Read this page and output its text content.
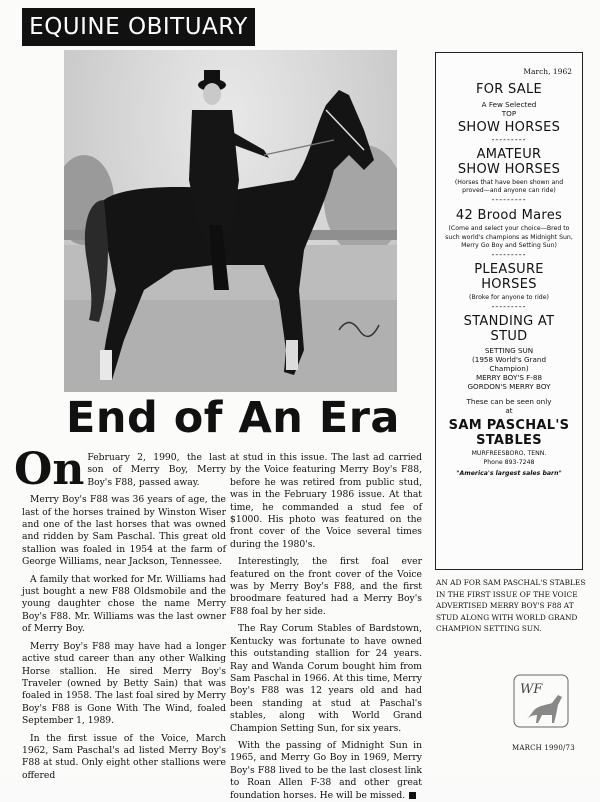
EQUINE OBITUARY
End of An Era

On February 2, 1990, the last son of Merry Boy, Merry Boy's F88, passed away.

Merry Boy's F88 was 36 years of age, the last of the horses trained by Winston Wiser and one of the last horses that was owned and ridden by Sam Paschal. This great old stallion was foaled in 1954 at the farm of George Williams, near Jackson, Tennessee.

A family that worked for Mr. Williams had just bought a new F88 Oldsmobile and the young daughter chose the name Merry Boy's F88. Mr. Williams was the last owner of Merry Boy.

Merry Boy's F88 may have had a longer active stud career than any other Walking Horse stallion. He sired Merry Boy's Traveler (owned by Betty Sain) that was foaled in 1958. The last foal sired by Merry Boy's F88 is Gone With The Wind, foaled September 1, 1989.

In the first issue of the Voice, March 1962, Sam Paschal's ad listed Merry Boy's F88 at stud. Only eight other stallions were offered

at stud in this issue. The last ad carried by the Voice featuring Merry Boy's F88, before he was retired from public stud, was in the February 1986 issue. At that time, he commanded a stud fee of $1000. His photo was featured on the front cover of the Voice several times during the 1980's.

Interestingly, the first foal ever featured on the front cover of the Voice was by Merry Boy's F88, and the first broodmare featured had a Merry Boy's F88 foal by her side.

The Ray Corum Stables of Bardstown, Kentucky was fortunate to have owned this outstanding stallion for 24 years. Ray and Wanda Corum bought him from Sam Paschal in 1966. At this time, Merry Boy's F88 was 12 years old and had been standing at stud at Paschal's stables, along with World Grand Champion Setting Sun, for six years.

With the passing of Midnight Sun in 1965, and Merry Go Boy in 1969, Merry Boy's F88 lived to be the last closest link to Roan Allen F-38 and other great foundation horses. He will be missed.

March, 1962
FOR SALE
A Few Selected
TOP
SHOW HORSES
---------
AMATEUR
SHOW HORSES
(Horses that have been shown and proved—and anyone can ride)
---------
42 Brood Mares
(Come and select your choice—Bred to such world's champions as Midnight Sun, Merry Go Boy and Setting Sun)
---------
PLEASURE
HORSES
(Broke for anyone to ride)
---------
STANDING AT
STUD
SETTING SUN
(1958 World's Grand
Champion)
MERRY BOY'S F-88
GORDON'S MERRY BOY
These can be seen only
at
SAM PASCHAL'S
STABLES
MURFREESBORO, TENN.
Phone 893-7248
"America's largest sales barn"
AN AD FOR SAM PASCHAL'S STABLES IN THE FIRST ISSUE OF THE VOICE ADVERTISED MERRY BOY'S F88 AT STUD ALONG WITH WORLD GRAND CHAMPION SETTING SUN.
WF
MARCH 1990/73
